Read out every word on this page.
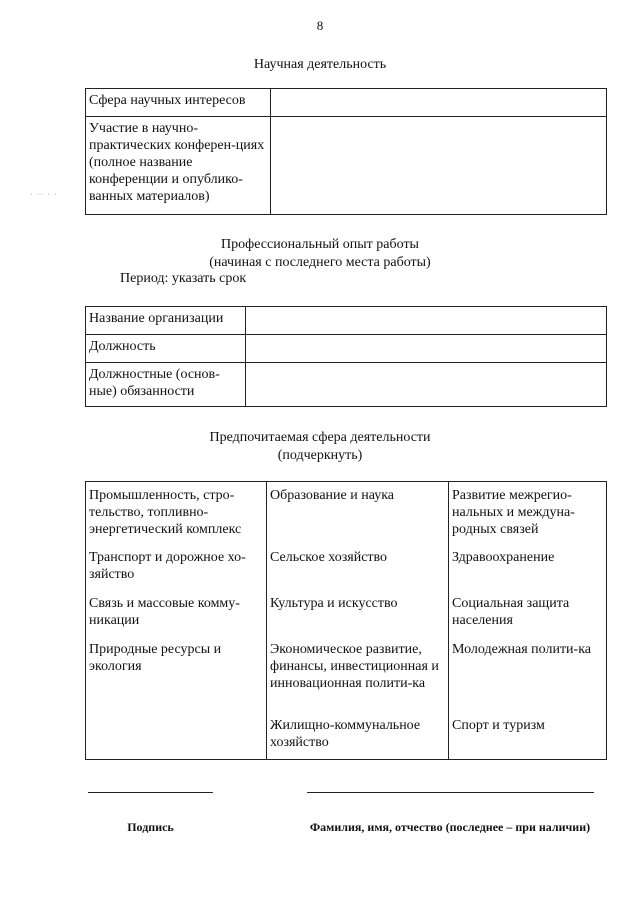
8
Научная деятельность
Сфера научных интересов	
Участие в научно-практических конферен-циях (полное название конференции и опублико-ванных материалов)	
⋅ ⋅⋅ ⋅ ⋅
Профессиональный опыт работы
(начиная с последнего места работы)
Период: указать срок
Название организации	
Должность	
Должностные (основ-ные) обязанности	
Предпочитаемая сфера деятельности
(подчеркнуть)
Промышленность, стро-тельство, топливно-энергетический комплекс	Образование и наука	Развитие межрегио-нальных и междуна-родных связей
Транспорт и дорожное хо-зяйство	Сельское хозяйство	Здравоохранение
Связь и массовые комму-никации	Культура и искусство	Социальная защита населения
Природные ресурсы и экология	Экономическое развитие, финансы, инвестиционная и инновационная полити-ка	Молодежная полити-ка
	Жилищно-коммунальное хозяйство	Спорт и туризм
Подпись	Фамилия, имя, отчество (последнее – при наличии)
